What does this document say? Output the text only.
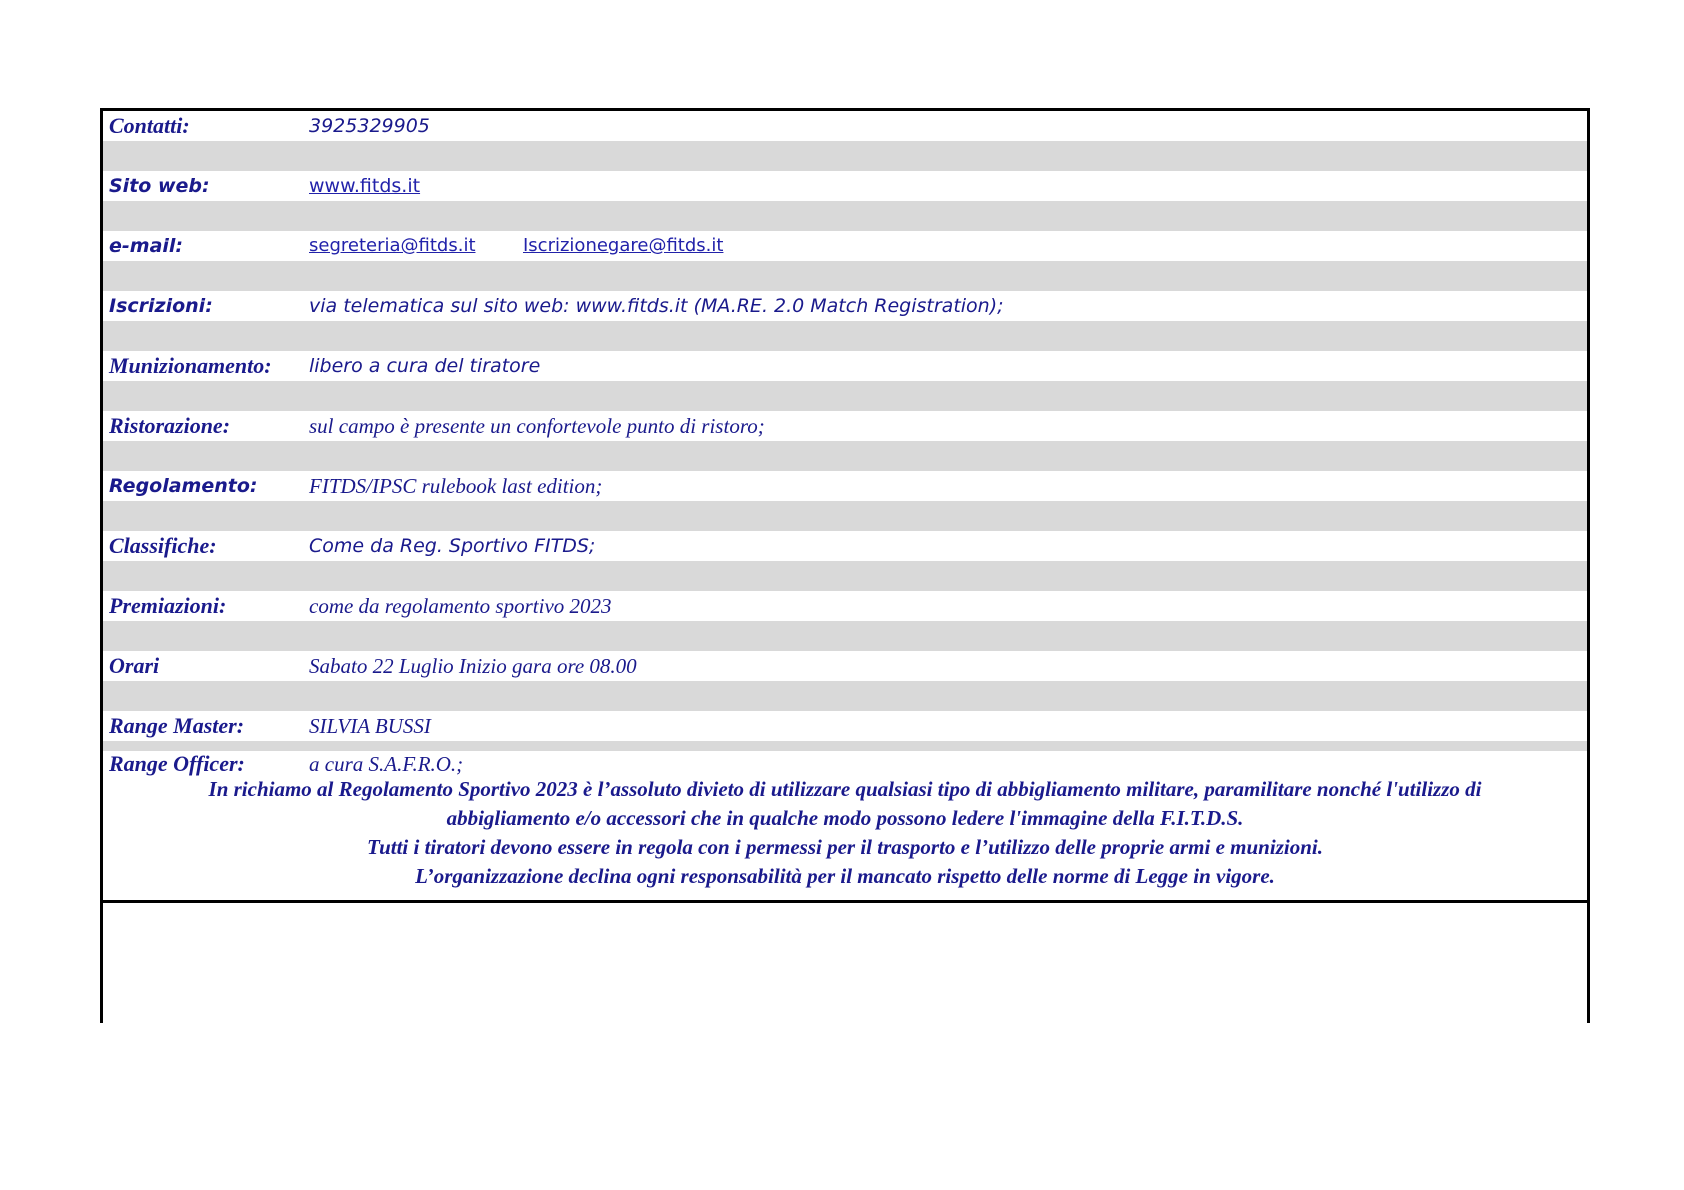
Contatti:	3925329905
Sito web:	www.fitds.it
e-mail:	segreteria@fitds.it	Iscrizionegare@fitds.it
Iscrizioni:	via telematica sul sito web: www.fitds.it (MA.RE. 2.0 Match Registration);
Munizionamento: libero a cura del tiratore
Ristorazione:	sul campo è presente un confortevole punto di ristoro;
Regolamento: FITDS/IPSC rulebook last edition;
Classifiche:	Come da Reg. Sportivo FITDS;
Premiazioni:	come da regolamento sportivo 2023
Orari	Sabato 22 Luglio Inizio gara ore 08.00
Range Master:	SILVIA BUSSI
Range Officer:	a cura S.A.F.R.O.;
In richiamo al Regolamento Sportivo 2023 è l’assoluto divieto di utilizzare qualsiasi tipo di abbigliamento militare, paramilitare nonché l'utilizzo di
abbigliamento e/o accessori che in qualche modo possono ledere l'immagine della F.I.T.D.S.
Tutti i tiratori devono essere in regola con i permessi per il trasporto e l’utilizzo delle proprie armi e munizioni.
L’organizzazione declina ogni responsabilità per il mancato rispetto delle norme di Legge in vigore.
